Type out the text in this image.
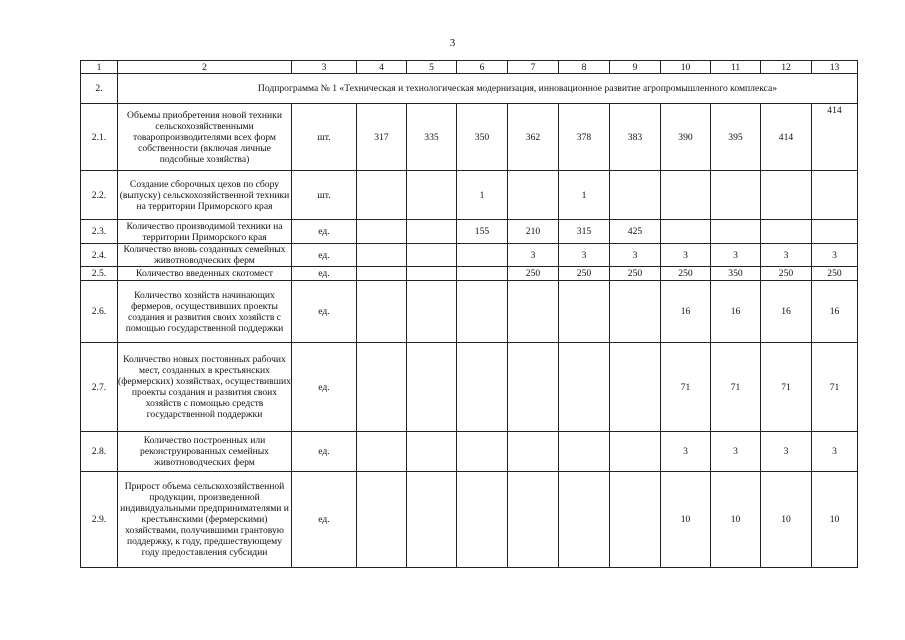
3
1	2	3	4	5	6	7	8	9	10	11	12	13
2.	Подпрограмма № 1 «Техническая и технологическая модернизация, инновационное развитие агропромышленного комплекса»											
2.1.	Объемы приобретения новой техники сельскохозяйственными товаропроизводителями всех форм собственности (включая личные подсобные хозяйства)	шт.	317	335	350	362	378	383	390	395	414	414
2.2.	Создание сборочных цехов по сбору (выпуску) сельскохозяйственной техники на территории Приморского края	шт.			1		1					
2.3.	Количество производимой техники на территории Приморского края	ед.			155	210	315	425				
2.4.	Количество вновь созданных семейных животноводческих ферм	ед.				3	3	3	3	3	3	3
2.5.	Количество введенных скотомест	ед.				250	250	250	250	350	250	250
2.6.	Количество хозяйств начинающих фермеров, осуществивших проекты создания и развития своих хозяйств с помощью государственной поддержки	ед.							16	16	16	16
2.7.	Количество новых постоянных рабочих мест, созданных в крестьянских (фермерских) хозяйствах, осуществивших проекты создания и развития своих хозяйств с помощью средств государственной поддержки	ед.							71	71	71	71
2.8.	Количество построенных или реконструированных семейных животноводческих ферм	ед.							3	3	3	3
2.9.	Прирост объема сельскохозяйственной продукции, произведенной индивидуальными предпринимателями и крестьянскими (фермерскими) хозяйствами, получившими грантовую поддержку, к году, предшествующему году предоставления субсидии	ед.							10	10	10	10
